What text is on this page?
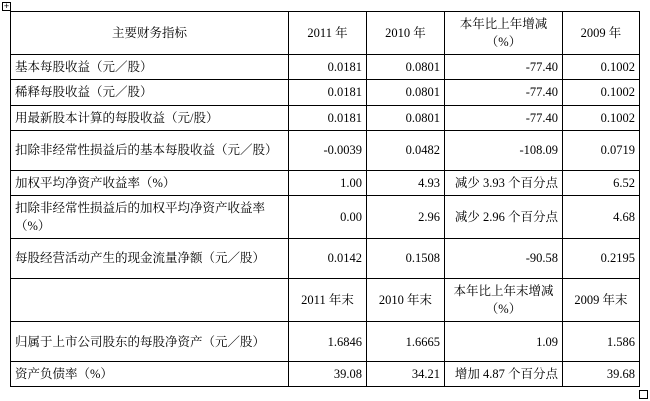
+
主要财务指标	2011 年	2010 年	本年比上年增减（%）	2009 年
基本每股收益（元／股）	0.0181	0.0801	-77.40	0.1002
稀释每股收益（元／股）	0.0181	0.0801	-77.40	0.1002
用最新股本计算的每股收益（元/股）	0.0181	0.0801	-77.40	0.1002
扣除非经常性损益后的基本每股收益（元／股）	-0.0039	0.0482	-108.09	0.0719
加权平均净资产收益率（%）	1.00	4.93	减少 3.93 个百分点	6.52
扣除非经常性损益后的加权平均净资产收益率（%）	0.00	2.96	减少 2.96 个百分点	4.68
每股经营活动产生的现金流量净额（元／股）	0.0142	0.1508	-90.58	0.2195
	2011 年末	2010 年末	本年比上年末增减（%）	2009 年末
归属于上市公司股东的每股净资产（元／股）	1.6846	1.6665	1.09	1.586
资产负债率（%）	39.08	34.21	增加 4.87 个百分点	39.68
